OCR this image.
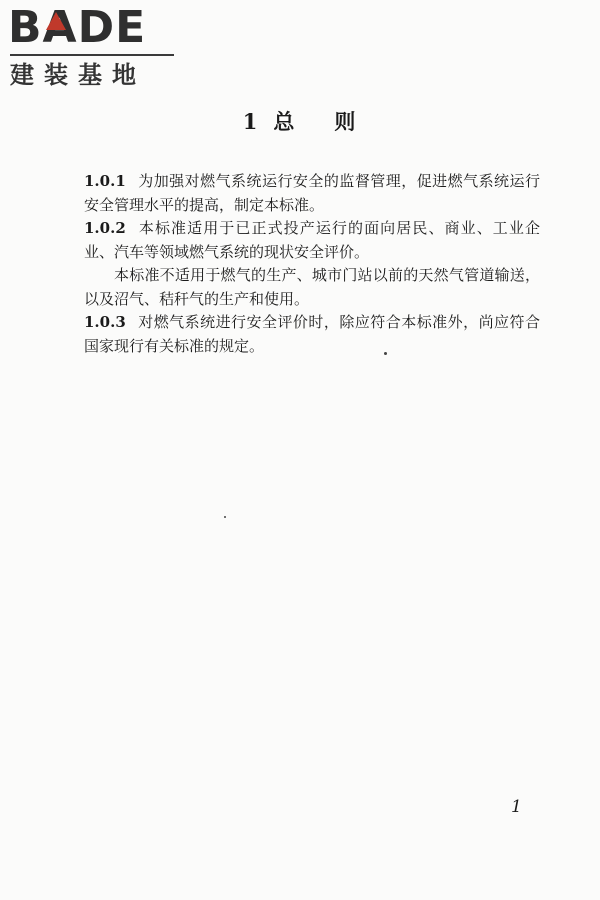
BADE
建装基地
1 总 则

1.0.1 为加强对燃气系统运行安全的监督管理，促进燃气系统运行安全管理水平的提高，制定本标准。

1.0.2 本标准适用于已正式投产运行的面向居民、商业、工业企业、汽车等领域燃气系统的现状安全评价。

本标准不适用于燃气的生产、城市门站以前的天然气管道输送，以及沼气、秸秆气的生产和使用。

1.0.3 对燃气系统进行安全评价时，除应符合本标准外，尚应符合国家现行有关标准的规定。

1
